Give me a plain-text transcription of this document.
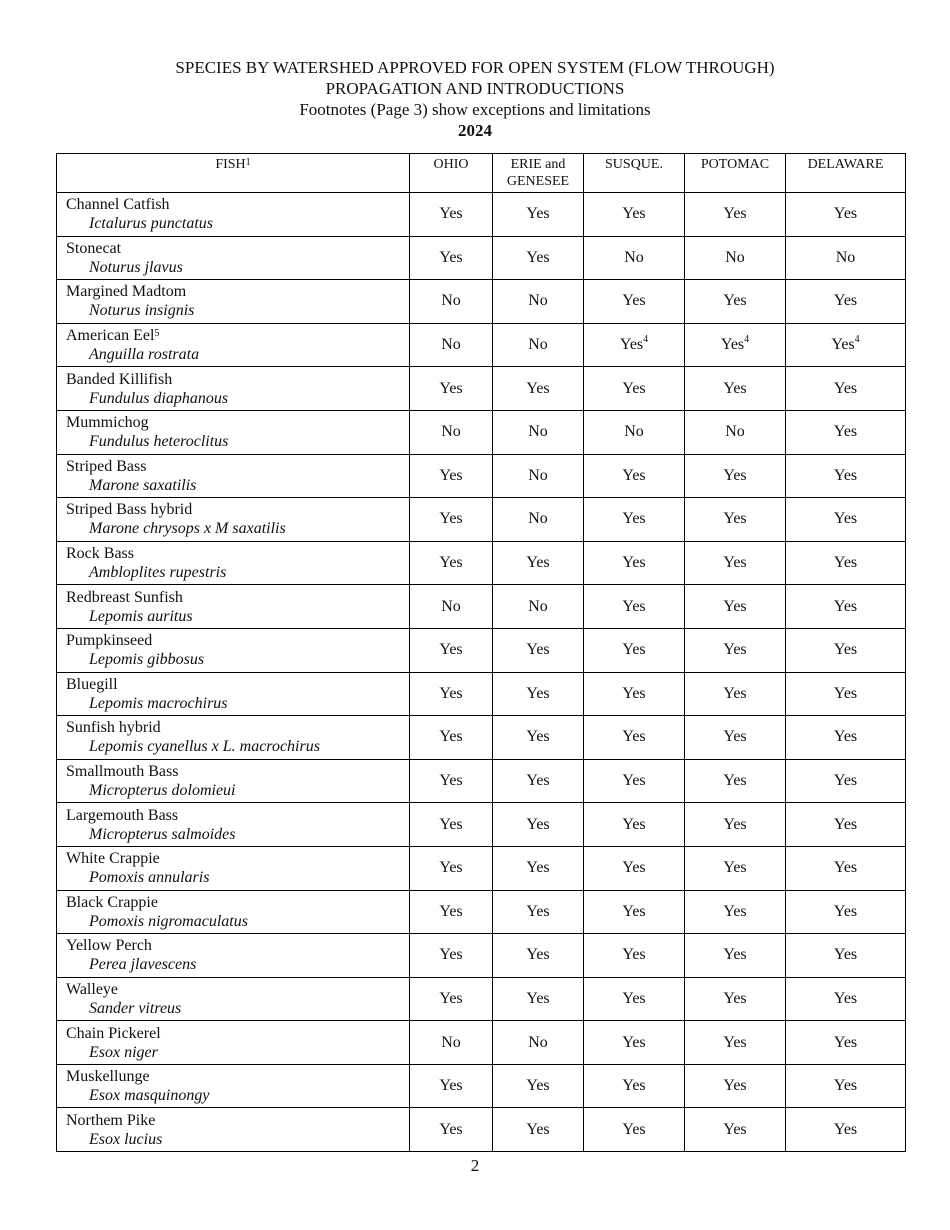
SPECIES BY WATERSHED APPROVED FOR OPEN SYSTEM (FLOW THROUGH)
PROPAGATION AND INTRODUCTIONS
Footnotes (Page 3) show exceptions and limitations
2024
FISH$^1$	OHIO	ERIE and GENESEE	SUSQUE.	POTOMAC	DELAWARE

Channel Catfish
Ictalurus punctatus	Yes	Yes	Yes	Yes	Yes

Stonecat
Noturus jlavus	Yes	Yes	No	No	No

Margined Madtom
Noturus insignis	No	No	Yes	Yes	Yes

American Eel$^5$
Anguilla rostrata	No	No	Yes$^4$	Yes$^4$	Yes$^4$

Banded Killifish
Fundulus diaphanous	Yes	Yes	Yes	Yes	Yes

Mummichog
Fundulus heteroclitus	No	No	No	No	Yes

Striped Bass
Marone saxatilis	Yes	No	Yes	Yes	Yes

Striped Bass hybrid
Marone chrysops x M saxatilis	Yes	No	Yes	Yes	Yes

Rock Bass
Ambloplites rupestris	Yes	Yes	Yes	Yes	Yes

Redbreast Sunfish
Lepomis auritus	No	No	Yes	Yes	Yes

Pumpkinseed
Lepomis gibbosus	Yes	Yes	Yes	Yes	Yes

Bluegill
Lepomis macrochirus	Yes	Yes	Yes	Yes	Yes

Sunfish hybrid
Lepomis cyanellus x L. macrochirus	Yes	Yes	Yes	Yes	Yes

Smallmouth Bass
Micropterus dolomieui	Yes	Yes	Yes	Yes	Yes

Largemouth Bass
Micropterus salmoides	Yes	Yes	Yes	Yes	Yes

White Crappie
Pomoxis annularis	Yes	Yes	Yes	Yes	Yes

Black Crappie
Pomoxis nigromaculatus	Yes	Yes	Yes	Yes	Yes

Yellow Perch
Perea jlavescens	Yes	Yes	Yes	Yes	Yes

Walleye
Sander vitreus	Yes	Yes	Yes	Yes	Yes

Chain Pickerel
Esox niger	No	No	Yes	Yes	Yes

Muskellunge
Esox masquinongy	Yes	Yes	Yes	Yes	Yes

Northem Pike
Esox lucius	Yes	Yes	Yes	Yes	Yes
2
